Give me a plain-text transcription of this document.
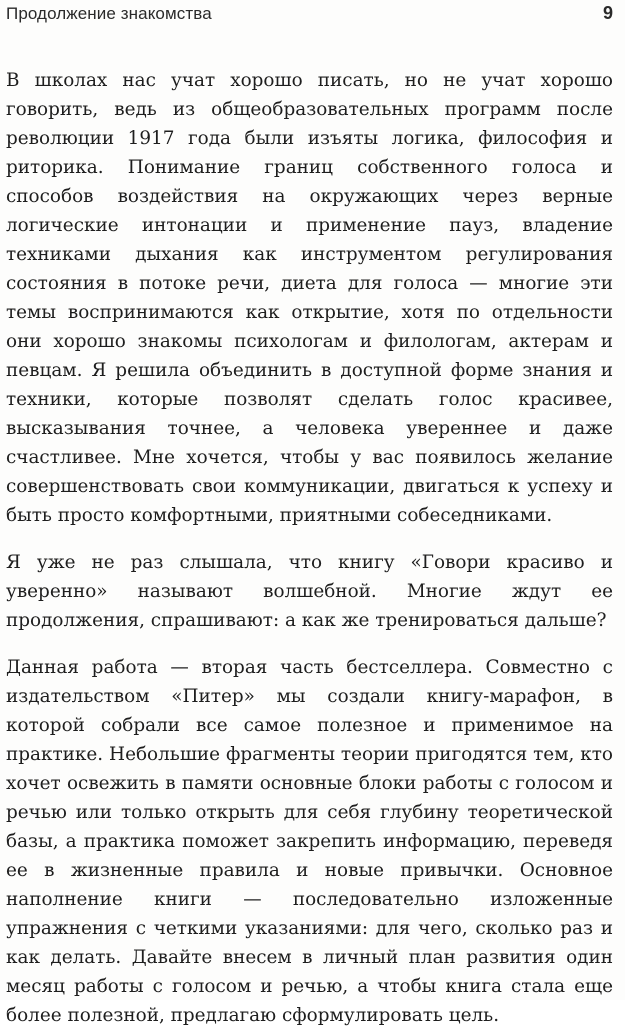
Продолжение знакомства	9

В школах нас учат хорошо писать, но не учат хорошо говорить, ведь из общеобразовательных программ после революции 1917 года были изъяты логика, философия и риторика. Понимание границ собственного голоса и способов воздействия на окружающих через верные логические интонации и применение пауз, владение техниками дыхания как инструментом регулирования состояния в потоке речи, диета для голоса — многие эти темы воспринимаются как открытие, хотя по отдельности они хорошо знакомы психологам и филологам, актерам и певцам. Я решила объединить в доступной форме знания и техники, которые позволят сделать голос красивее, высказывания точнее, а человека увереннее и даже счастливее. Мне хочется, чтобы у вас появилось желание совершенствовать свои коммуникации, двигаться к успеху и быть просто комфортными, приятными собеседниками.

Я уже не раз слышала, что книгу «Говори красиво и уверенно» называют волшебной. Многие ждут ее продолжения, спрашивают: а как же тренироваться дальше?

Данная работа — вторая часть бестселлера. Совместно с издательством «Питер» мы создали книгу-марафон, в которой собрали все самое полезное и применимое на практике. Небольшие фрагменты теории пригодятся тем, кто хочет освежить в памяти основные блоки работы с голосом и речью или только открыть для себя глубину теоретической базы, а практика поможет закрепить информацию, переведя ее в жизненные правила и новые привычки. Основное наполнение книги — последовательно изложенные упражнения с четкими указаниями: для чего, сколько раз и как делать. Давайте внесем в личный план развития один месяц работы с голосом и речью, а чтобы книга стала еще более полезной, предлагаю сформулировать цель.
